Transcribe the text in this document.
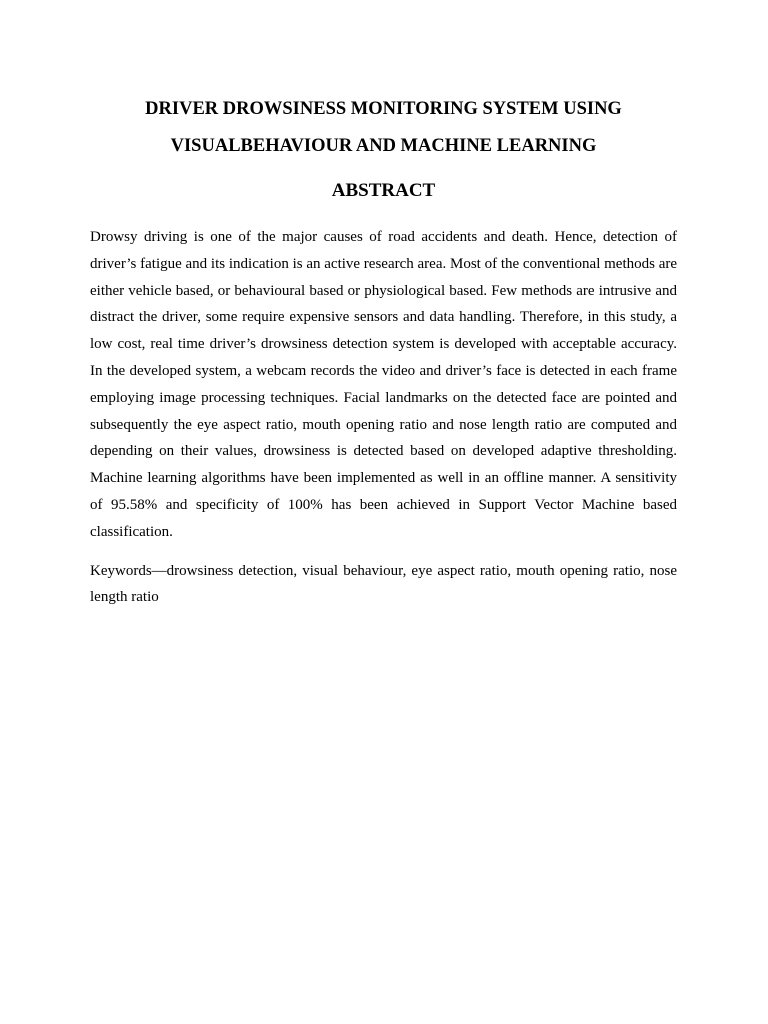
DRIVER DROWSINESS MONITORING SYSTEM USING
VISUALBEHAVIOUR AND MACHINE LEARNING
ABSTRACT

Drowsy driving is one of the major causes of road accidents and death. Hence, detection of driver’s fatigue and its indication is an active research area. Most of the conventional methods are either vehicle based, or behavioural based or physiological based. Few methods are intrusive and distract the driver, some require expensive sensors and data handling. Therefore, in this study, a low cost, real time driver’s drowsiness detection system is developed with acceptable accuracy. In the developed system, a webcam records the video and driver’s face is detected in each frame employing image processing techniques. Facial landmarks on the detected face are pointed and subsequently the eye aspect ratio, mouth opening ratio and nose length ratio are computed and depending on their values, drowsiness is detected based on developed adaptive thresholding. Machine learning algorithms have been implemented as well in an offline manner. A sensitivity of 95.58% and specificity of 100% has been achieved in Support Vector Machine based classification.

Keywords—drowsiness detection, visual behaviour, eye aspect ratio, mouth opening ratio, nose length ratio
